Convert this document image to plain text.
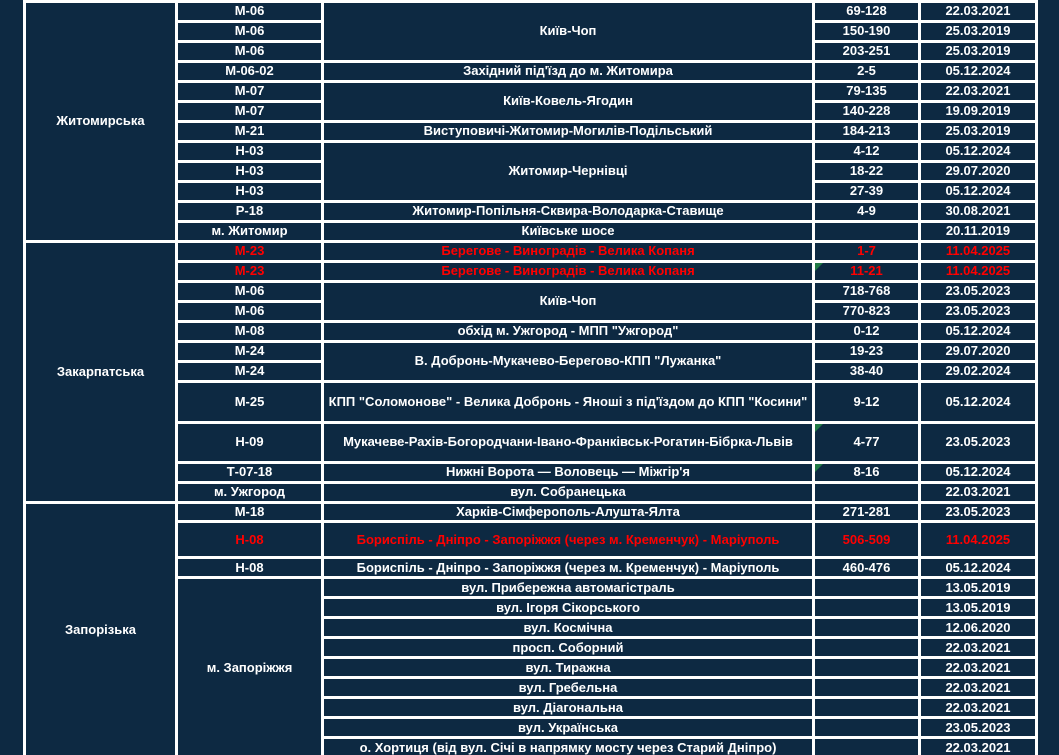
Житомирська	М-06	Київ-Чоп	69-128	22.03.2021
	М-06		150-190	25.03.2019
	М-06		203-251	25.03.2019
	М-06-02	Західний під'їзд до м. Житомира	2-5	05.12.2024
	М-07	Київ-Ковель-Ягодин	79-135	22.03.2021
	М-07		140-228	19.09.2019
	М-21	Виступовичі-Житомир-Могилів-Подільський	184-213	25.03.2019
	Н-03	Житомир-Чернівці	4-12	05.12.2024
	Н-03		18-22	29.07.2020
	Н-03		27-39	05.12.2024
	Р-18	Житомир-Попільня-Сквира-Володарка-Ставище	4-9	30.08.2021
	м. Житомир	Київське шосе		20.11.2019
Закарпатська	М-23	Берегове - Виноградів - Велика Копаня	1-7	11.04.2025
	М-23	Берегове - Виноградів - Велика Копаня	11-21	11.04.2025
	М-06	Київ-Чоп	718-768	23.05.2023
	М-06		770-823	23.05.2023
	М-08	обхід м. Ужгород - МПП "Ужгород"	0-12	05.12.2024
	М-24	В. Добронь-Мукачево-Берегово-КПП "Лужанка"	19-23	29.07.2020
	М-24		38-40	29.02.2024
	М-25	КПП "Соломонове" - Велика Добронь - Яноші з під'їздом до КПП "Косини"	9-12	05.12.2024
	Н-09	Мукачеве-Рахів-Богородчани-Івано-Франківськ-Рогатин-Бібрка-Львів	4-77	23.05.2023
	Т-07-18	Нижні Ворота — Воловець — Міжгір'я	8-16	05.12.2024
	м. Ужгород	вул. Собранецька		22.03.2021
Запорізька	М-18	Харків-Сімферополь-Алушта-Ялта	271-281	23.05.2023
	Н-08	Бориспіль - Дніпро - Запоріжжя (через м. Кременчук) - Маріуполь	506-509	11.04.2025
	Н-08	Бориспіль - Дніпро - Запоріжжя (через м. Кременчук) - Маріуполь	460-476	05.12.2024
	м. Запоріжжя	вул. Прибережна автомагістраль		13.05.2019
		вул. Ігоря Сікорського		13.05.2019
		вул. Космічна		12.06.2020
		просп. Соборний		22.03.2021
		вул. Тиражна		22.03.2021
		вул. Гребельна		22.03.2021
		вул. Діагональна		22.03.2021
		вул. Українська		23.05.2023
		о. Хортиця (від вул. Січі в напрямку мосту через Старий Дніпро)		22.03.2021
